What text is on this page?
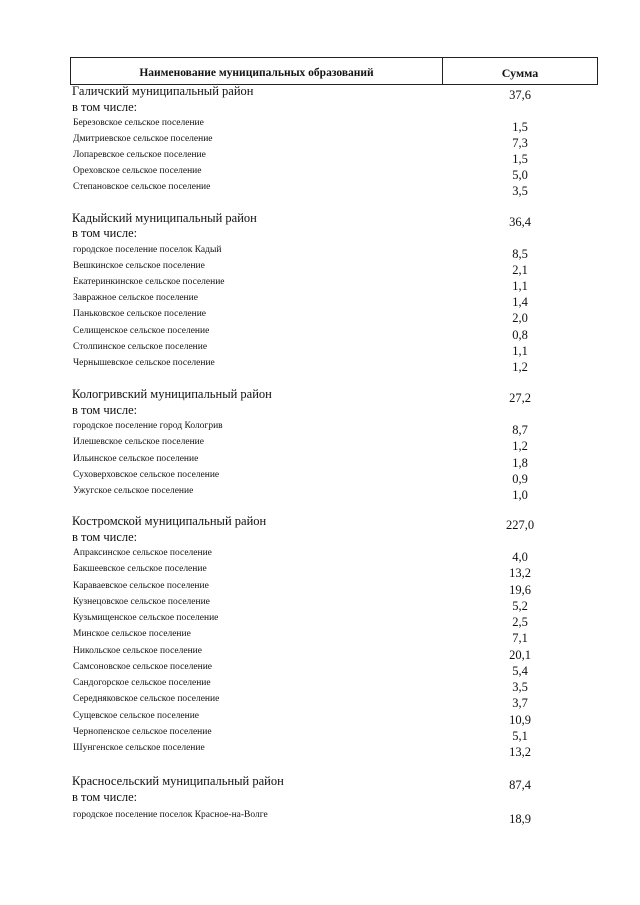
Наименование муниципальных образований	Сумма
Галичский муниципальный район	37,6
в том числе:
Березовское сельское поселение	1,5
Дмитриевское сельское поселение	7,3
Лопаревское сельское поселение	1,5
Ореховское сельское поселение	5,0
Степановское сельское поселение	3,5
Кадыйский муниципальный район	36,4
в том числе:
городское поселение поселок Кадый	8,5
Вешкинское сельское поселение	2,1
Екатеринкинское сельское поселение	1,1
Завражное сельское поселение	1,4
Паньковское сельское поселение	2,0
Селищенское сельское поселение	0,8
Столпинское сельское поселение	1,1
Чернышевское сельское поселение	1,2
Кологривский муниципальный район	27,2
в том числе:
городское поселение город Кологрив	8,7
Илешевское сельское поселение	1,2
Ильинское сельское поселение	1,8
Суховерховское сельское поселение	0,9
Ужугское сельское поселение	1,0
Костромской муниципальный район	227,0
в том числе:
Апраксинское сельское поселение	4,0
Бакшеевское сельское поселение	13,2
Караваевское сельское поселение	19,6
Кузнецовское сельское поселение	5,2
Кузьмищенское сельское поселение	2,5
Минское сельское поселение	7,1
Никольское сельское поселение	20,1
Самсоновское сельское поселение	5,4
Сандогорское сельское поселение	3,5
Середняковское сельское поселение	3,7
Сущевское сельское поселение	10,9
Чернопенское сельское поселение	5,1
Шунгенское сельское поселение	13,2
Красносельский муниципальный район	87,4
в том числе:
городское поселение поселок Красное-на-Волге	18,9
